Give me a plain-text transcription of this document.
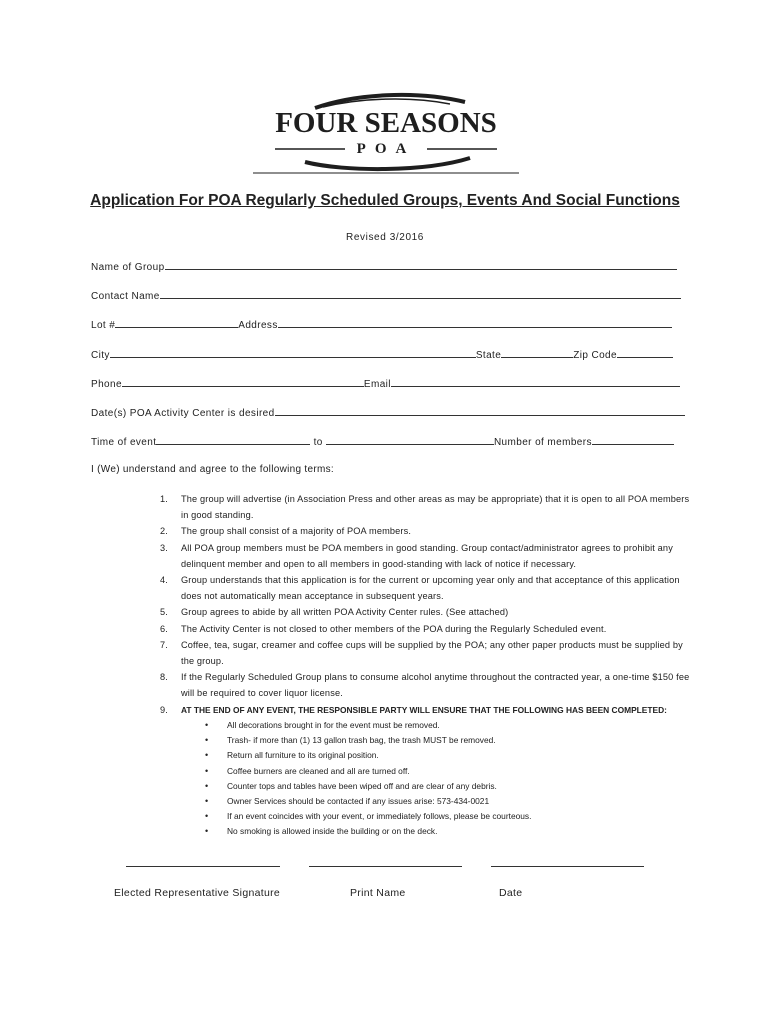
FOUR SEASONS
POA
Application For POA Regularly Scheduled Groups, Events And Social Functions
Revised 3/2016
Name of Group
Contact Name
Lot #	Address
City	State	Zip Code
Phone	Email
Date(s) POA Activity Center is desired
Time of event	to	Number of members
I (We) understand and agree to the following terms:
1. The group will advertise (in Association Press and other areas as may be appropriate) that it is open to all POA members in good standing.
2. The group shall consist of a majority of POA members.
3. All POA group members must be POA members in good standing. Group contact/administrator agrees to prohibit any delinquent member and open to all members in good-standing with lack of notice if necessary.
4. Group understands that this application is for the current or upcoming year only and that acceptance of this application does not automatically mean acceptance in subsequent years.
5. Group agrees to abide by all written POA Activity Center rules. (See attached)
6. The Activity Center is not closed to other members of the POA during the Regularly Scheduled event.
7. Coffee, tea, sugar, creamer and coffee cups will be supplied by the POA; any other paper products must be supplied by the group.
8. If the Regularly Scheduled Group plans to consume alcohol anytime throughout the contracted year, a one-time $150 fee will be required to cover liquor license.
9. AT THE END OF ANY EVENT, THE RESPONSIBLE PARTY WILL ENSURE THAT THE FOLLOWING HAS BEEN COMPLETED:
• All decorations brought in for the event must be removed.
• Trash- if more than (1) 13 gallon trash bag, the trash MUST be removed.
• Return all furniture to its original position.
• Coffee burners are cleaned and all are turned off.
• Counter tops and tables have been wiped off and are clear of any debris.
• Owner Services should be contacted if any issues arise: 573-434-0021
• If an event coincides with your event, or immediately follows, please be courteous.
• No smoking is allowed inside the building or on the deck.
Elected Representative Signature	Print Name	Date
